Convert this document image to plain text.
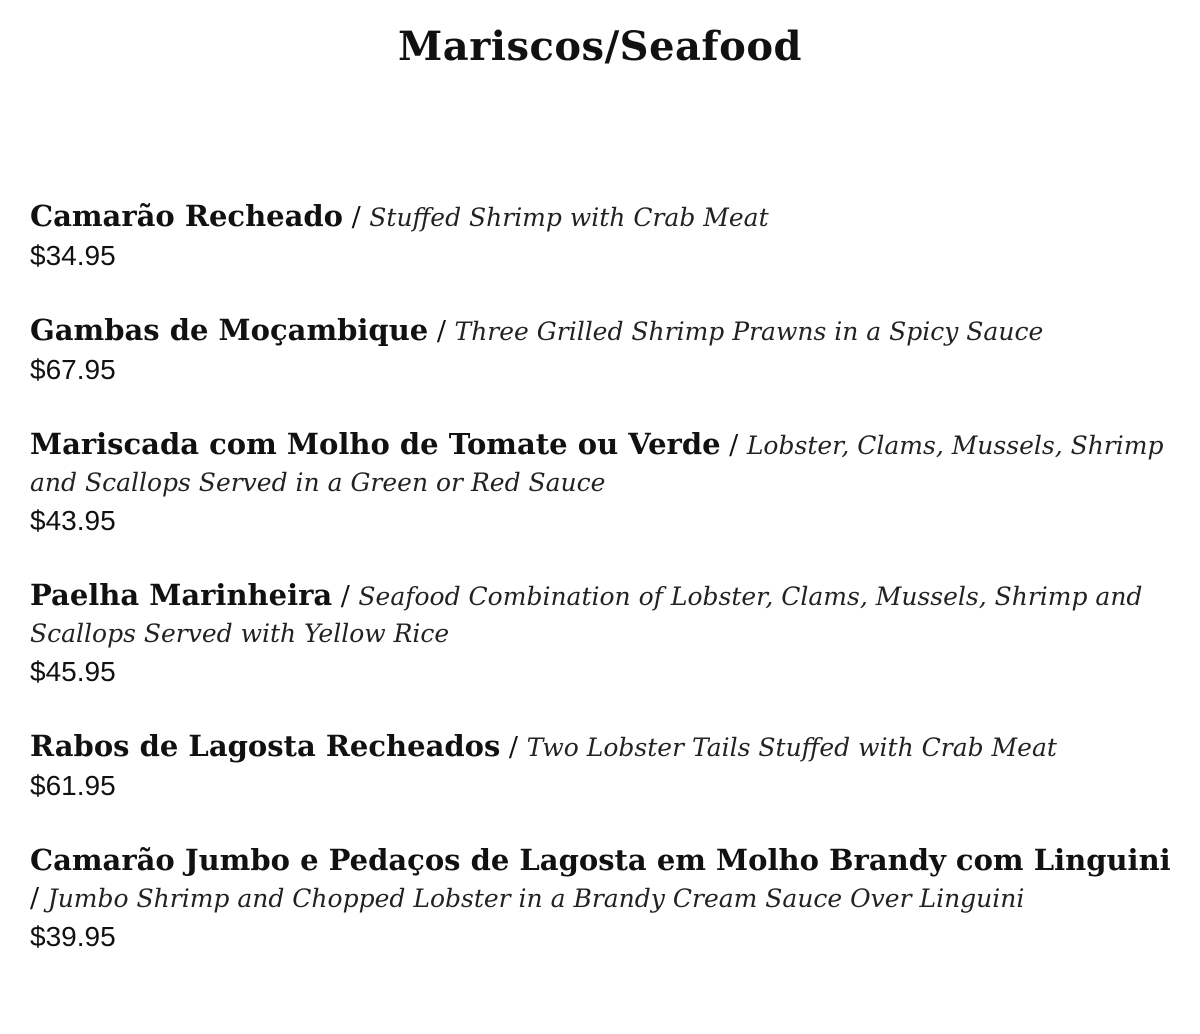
Mariscos/Seafood

Camarão Recheado / Stuffed Shrimp with Crab Meat

$34.95

Gambas de Moçambique / Three Grilled Shrimp Prawns in a Spicy Sauce

$67.95

Mariscada com Molho de Tomate ou Verde / Lobster, Clams, Mussels, Shrimp and Scallops Served in a Green or Red Sauce

$43.95

Paelha Marinheira / Seafood Combination of Lobster, Clams, Mussels, Shrimp and Scallops Served with Yellow Rice

$45.95

Rabos de Lagosta Recheados / Two Lobster Tails Stuffed with Crab Meat

$61.95

Camarão Jumbo e Pedaços de Lagosta em Molho Brandy com Linguini / Jumbo Shrimp and Chopped Lobster in a Brandy Cream Sauce Over Linguini

$39.95
